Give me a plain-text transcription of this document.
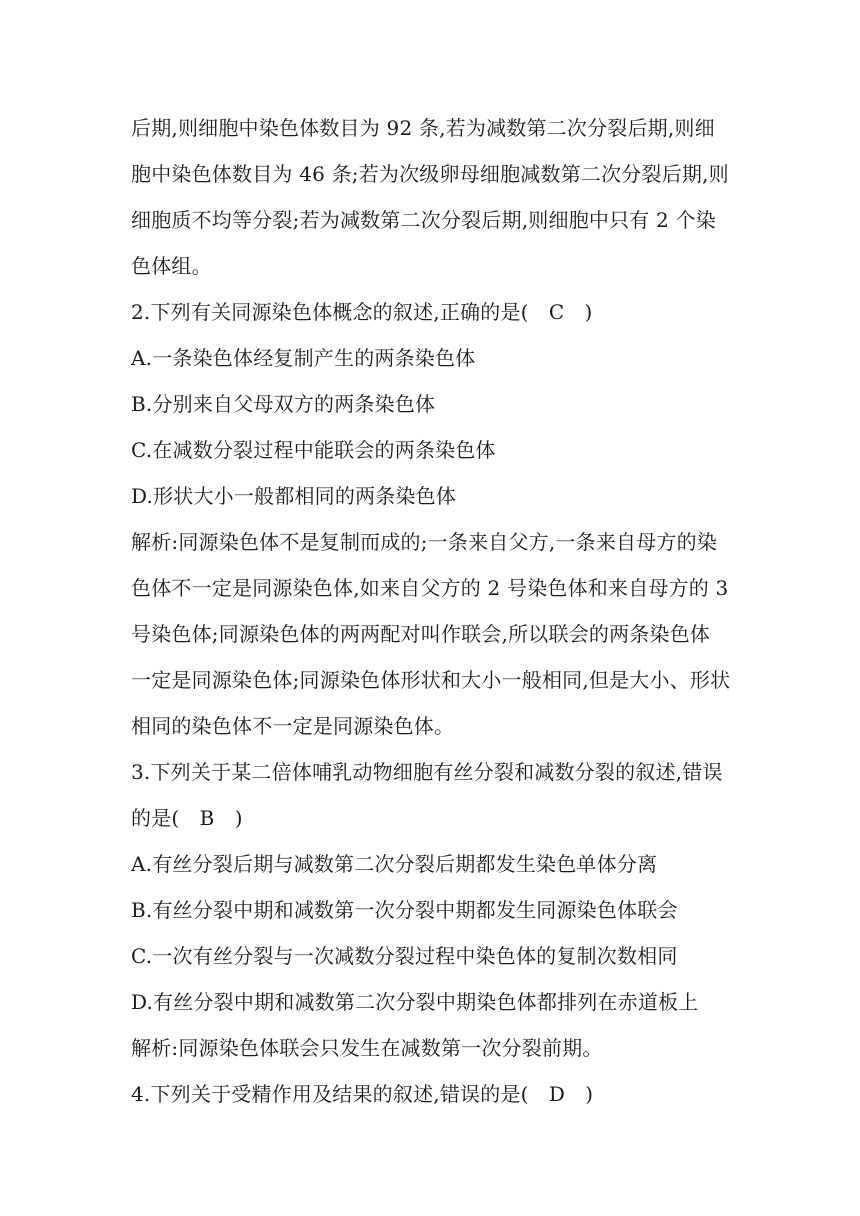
后期,则细胞中染色体数目为 92 条,若为减数第二次分裂后期,则细
胞中染色体数目为 46 条;若为次级卵母细胞减数第二次分裂后期,则
细胞质不均等分裂;若为减数第二次分裂后期,则细胞中只有 2 个染
色体组。
2.下列有关同源染色体概念的叙述,正确的是(　C　)
A.一条染色体经复制产生的两条染色体
B.分别来自父母双方的两条染色体
C.在减数分裂过程中能联会的两条染色体
D.形状大小一般都相同的两条染色体
解析:同源染色体不是复制而成的;一条来自父方,一条来自母方的染
色体不一定是同源染色体,如来自父方的 2 号染色体和来自母方的 3
号染色体;同源染色体的两两配对叫作联会,所以联会的两条染色体
一定是同源染色体;同源染色体形状和大小一般相同,但是大小、形状
相同的染色体不一定是同源染色体。
3.下列关于某二倍体哺乳动物细胞有丝分裂和减数分裂的叙述,错误
的是(　B　)
A.有丝分裂后期与减数第二次分裂后期都发生染色单体分离
B.有丝分裂中期和减数第一次分裂中期都发生同源染色体联会
C.一次有丝分裂与一次减数分裂过程中染色体的复制次数相同
D.有丝分裂中期和减数第二次分裂中期染色体都排列在赤道板上
解析:同源染色体联会只发生在减数第一次分裂前期。
4.下列关于受精作用及结果的叙述,错误的是(　D　)
